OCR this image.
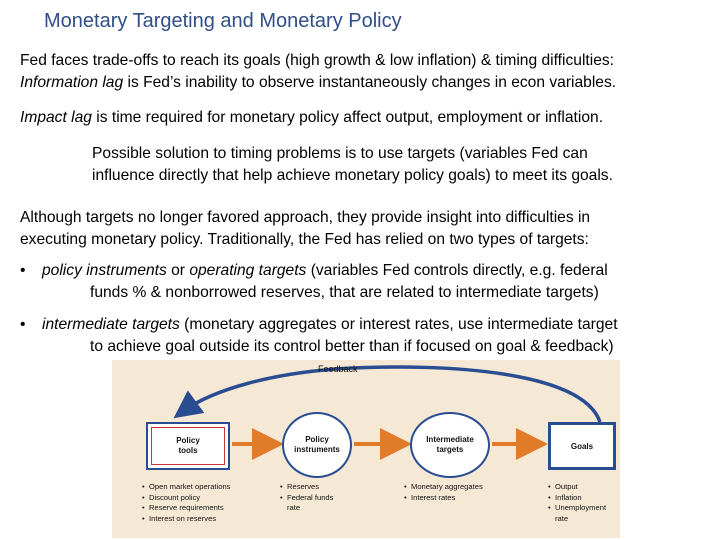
Monetary Targeting and Monetary Policy
Fed faces trade-offs to reach its goals (high growth & low inflation) & timing difficulties:
Information lag is Fed’s inability to observe instantaneously changes in econ variables.
Impact lag is time required for monetary policy affect output, employment or inflation.
Possible solution to timing problems is to use targets (variables Fed can
influence directly that help achieve monetary policy goals) to meet its goals.
Although targets no longer favored approach, they provide insight into difficulties in
executing monetary policy. Traditionally, the Fed has relied on two types of targets:
• policy instruments or operating targets (variables Fed controls directly, e.g. federal
funds % & nonborrowed reserves, that are related to intermediate targets)
• intermediate targets (monetary aggregates or interest rates, use intermediate target
to achieve goal outside its control better than if focused on goal & feedback)
Feedback
Policy
tools
Policy
instruments
Intermediate
targets	Goals
• Open market operations
• Discount policy
• Reserve requirements
• Interest on reserves
• Reserves
• Federal funds
rate
• Monetary aggregates
• Interest rates
• Output
• Inflation
• Unemployment
rate
